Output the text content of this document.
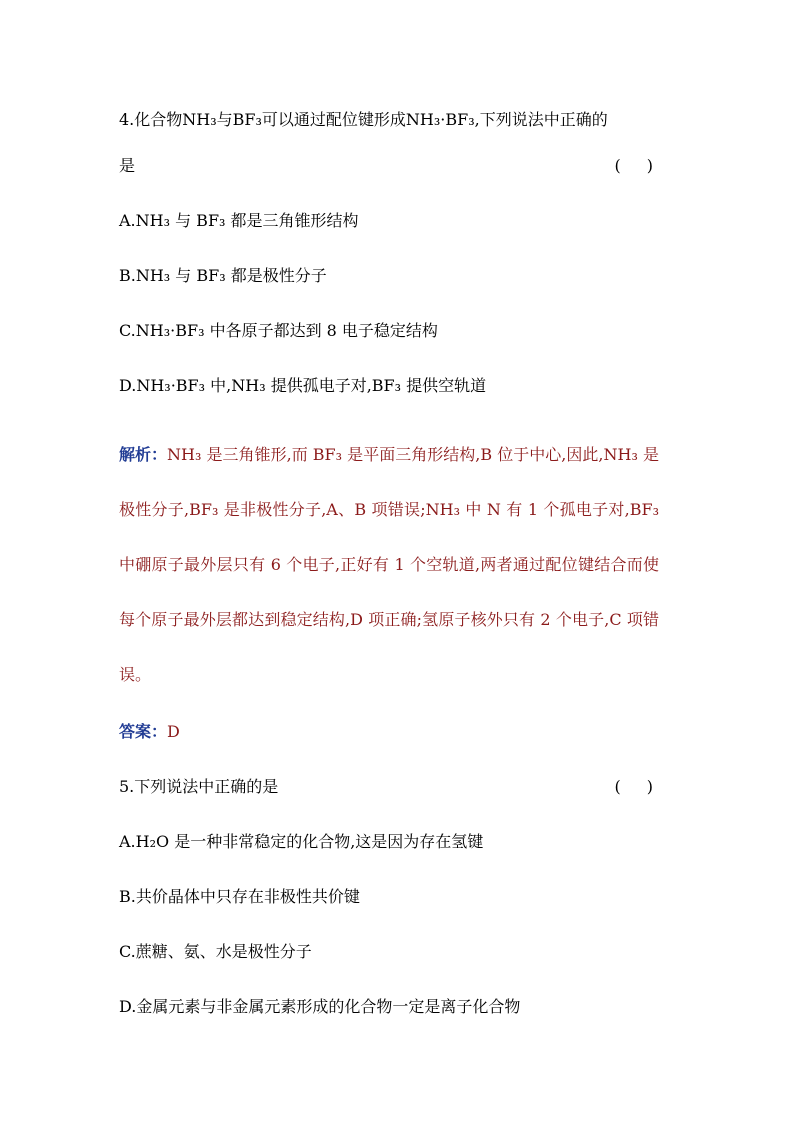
4.化合物NH₃与BF₃可以通过配位键形成NH₃·BF₃,下列说法中正确的
是	( )
A.NH₃ 与 BF₃ 都是三角锥形结构
B.NH₃ 与 BF₃ 都是极性分子
C.NH₃·BF₃ 中各原子都达到 8 电子稳定结构
D.NH₃·BF₃ 中,NH₃ 提供孤电子对,BF₃ 提供空轨道
解析：NH₃ 是三角锥形,而 BF₃ 是平面三角形结构,B 位于中心,因此,NH₃ 是极性分子,BF₃ 是非极性分子,A、B 项错误;NH₃ 中 N 有 1 个孤电子对,BF₃ 中硼原子最外层只有 6 个电子,正好有 1 个空轨道,两者通过配位键结合而使每个原子最外层都达到稳定结构,D 项正确;氢原子核外只有 2 个电子,C 项错误。
答案：D
5.下列说法中正确的是	( )
A.H₂O 是一种非常稳定的化合物,这是因为存在氢键
B.共价晶体中只存在非极性共价键
C.蔗糖、氨、水是极性分子
D.金属元素与非金属元素形成的化合物一定是离子化合物
